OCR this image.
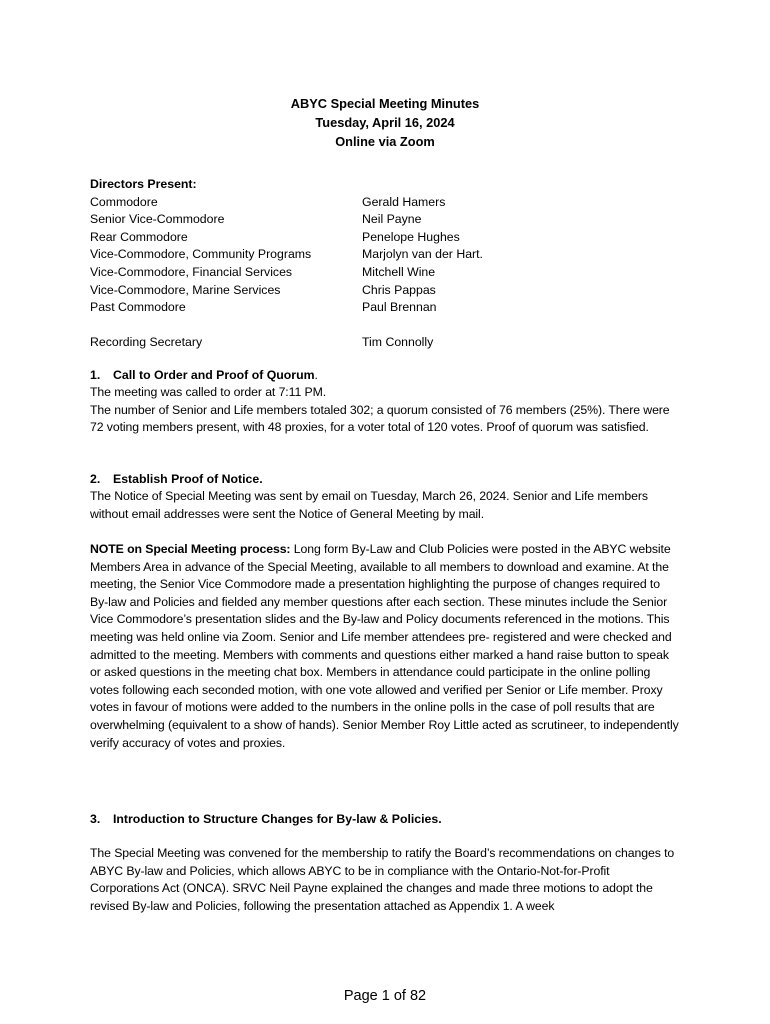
ABYC Special Meeting Minutes
Tuesday, April 16, 2024
Online via Zoom
Directors Present:
Commodore	Gerald Hamers
Senior Vice-Commodore	Neil Payne
Rear Commodore	Penelope Hughes
Vice-Commodore, Community Programs	Marjolyn van der Hart.
Vice-Commodore, Financial Services	Mitchell Wine
Vice-Commodore, Marine Services	Chris Pappas
Past Commodore	Paul Brennan
Recording Secretary	Tim Connolly
1. Call to Order and Proof of Quorum.

The meeting was called to order at 7:11 PM.

The number of Senior and Life members totaled 302; a quorum consisted of 76 members (25%). There were 72 voting members present, with 48 proxies, for a voter total of 120 votes. Proof of quorum was satisfied.

2. Establish Proof of Notice.

The Notice of Special Meeting was sent by email on Tuesday, March 26, 2024. Senior and Life members without email addresses were sent the Notice of General Meeting by mail.

NOTE on Special Meeting process: Long form By-Law and Club Policies were posted in the ABYC website Members Area in advance of the Special Meeting, available to all members to download and examine. At the meeting, the Senior Vice Commodore made a presentation highlighting the purpose of changes required to By-law and Policies and fielded any member questions after each section. These minutes include the Senior Vice Commodore’s presentation slides and the By-law and Policy documents referenced in the motions. This meeting was held online via Zoom. Senior and Life member attendees pre- registered and were checked and admitted to the meeting. Members with comments and questions either marked a hand raise button to speak or asked questions in the meeting chat box. Members in attendance could participate in the online polling votes following each seconded motion, with one vote allowed and verified per Senior or Life member. Proxy votes in favour of motions were added to the numbers in the online polls in the case of poll results that are overwhelming (equivalent to a show of hands). Senior Member Roy Little acted as scrutineer, to independently verify accuracy of votes and proxies.

3. Introduction to Structure Changes for By-law & Policies.

The Special Meeting was convened for the membership to ratify the Board’s recommendations on changes to ABYC By-law and Policies, which allows ABYC to be in compliance with the Ontario-Not-for-Profit Corporations Act (ONCA). SRVC Neil Payne explained the changes and made three motions to adopt the revised By-law and Policies, following the presentation attached as Appendix 1. A week

Page 1 of 82
